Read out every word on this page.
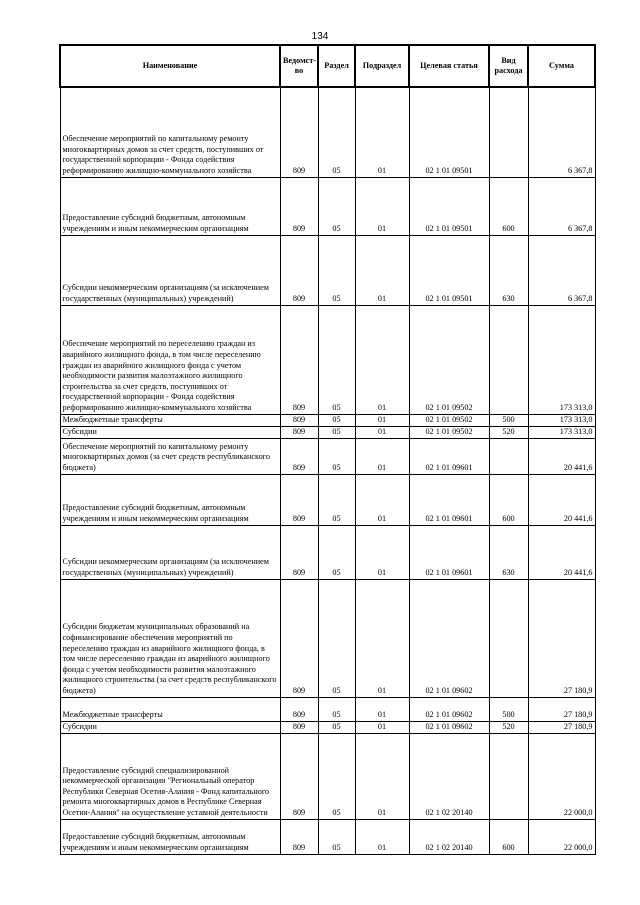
134
Наименование	Ведомст-во	Раздел	Подраздел	Целевая статья	Вид расхода	Сумма
Обеспечение мероприятий по капитальному ремонту многоквартирных домов за счет средств, поступивших от государственной корпорации - Фонда содействия реформированию жилищно-коммунального хозяйства	809	05	01	02 1 01 09501		6 367,8
Предоставление субсидий бюджетным, автономным учреждениям и иным некоммерческим организациям	809	05	01	02 1 01 09501	600	6 367,8
Субсидии некоммерческим организациям (за исключением государственных (муниципальных) учреждений)	809	05	01	02 1 01 09501	630	6 367,8
Обеспечение мероприятий по переселению граждан из аварийного жилищного фонда, в том числе переселению граждан из аварийного жилищного фонда с учетом необходимости развития малоэтажного жилищного строительства за счет средств, поступивших от государственной корпорации - Фонда содействия реформированию жилищно-коммунального хозяйства	809	05	01	02 1 01 09502		173 313,0
Межбюджетные трансферты	809	05	01	02 1 01 09502	500	173 313,0
Субсидии	809	05	01	02 1 01 09502	520	173 313,0
Обеспечение мероприятий по капитальному ремонту многоквартирных домов (за счет средств республиканского бюджета)	809	05	01	02 1 01 09601		20 441,6
Предоставление субсидий бюджетным, автономным учреждениям и иным некоммерческим организациям	809	05	01	02 1 01 09601	600	20 441,6
Субсидии некоммерческим организациям (за исключением государственных (муниципальных) учреждений)	809	05	01	02 1 01 09601	630	20 441,6
Субсидии бюджетам муниципальных образований на софинансирование обеспечения мероприятий по переселению граждан из аварийного жилищного фонда, в том числе переселению граждан из аварийного жилищного фонда с учетом необходимости развития малоэтажного жилищного строительства (за счет средств республиканского бюджета)	809	05	01	02 1 01 09602		27 180,9
Межбюджетные трансферты	809	05	01	02 1 01 09602	500	27 180,9
Субсидии	809	05	01	02 1 01 09602	520	27 180,9
Предоставление субсидий специализированной некоммерческой организации "Региональный оператор Республики Северная Осетия-Алания - Фонд капитального ремонта многоквартирных домов в Республике Северная Осетия-Алания" на осуществление уставной деятельности	809	05	01	02 1 02 20140		22 000,0
Предоставление субсидий бюджетным, автономным учреждениям и иным некоммерческим организациям	809	05	01	02 1 02 20140	600	22 000,0
